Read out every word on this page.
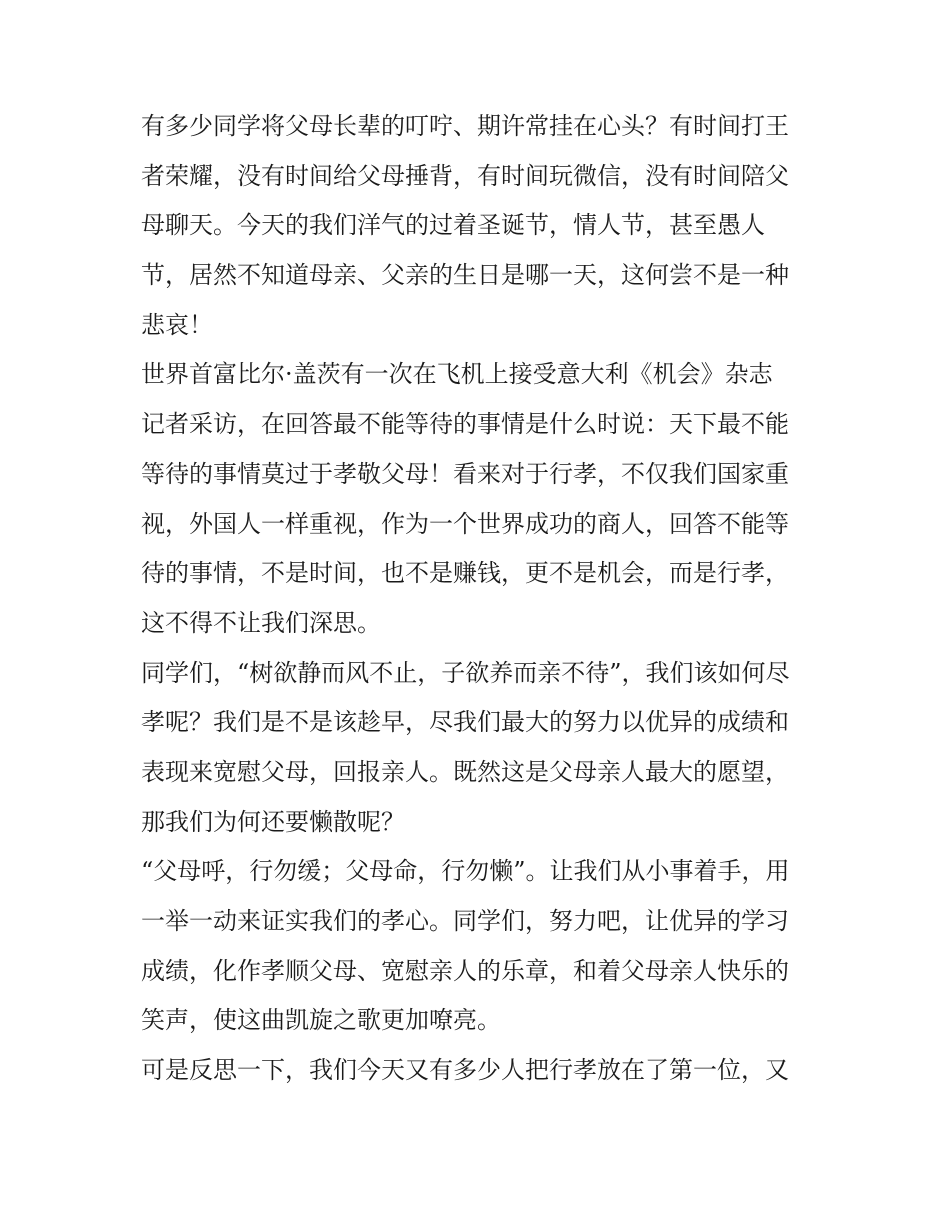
有多少同学将父母长辈的叮咛、期许常挂在心头？有时间打王
者荣耀，没有时间给父母捶背，有时间玩微信，没有时间陪父
母聊天。今天的我们洋气的过着圣诞节，情人节，甚至愚人
节，居然不知道母亲、父亲的生日是哪一天，这何尝不是一种
悲哀！
世界首富比尔·盖茨有一次在飞机上接受意大利《机会》杂志
记者采访，在回答最不能等待的事情是什么时说：天下最不能
等待的事情莫过于孝敬父母！看来对于行孝，不仅我们国家重
视，外国人一样重视，作为一个世界成功的商人，回答不能等
待的事情，不是时间，也不是赚钱，更不是机会，而是行孝，
这不得不让我们深思。
同学们，“树欲静而风不止，子欲养而亲不待”，我们该如何尽
孝呢？我们是不是该趁早，尽我们最大的努力以优异的成绩和
表现来宽慰父母，回报亲人。既然这是父母亲人最大的愿望，
那我们为何还要懒散呢？
“父母呼，行勿缓；父母命，行勿懒”。让我们从小事着手，用
一举一动来证实我们的孝心。同学们，努力吧，让优异的学习
成绩，化作孝顺父母、宽慰亲人的乐章，和着父母亲人快乐的
笑声，使这曲凯旋之歌更加嘹亮。
可是反思一下，我们今天又有多少人把行孝放在了第一位，又
